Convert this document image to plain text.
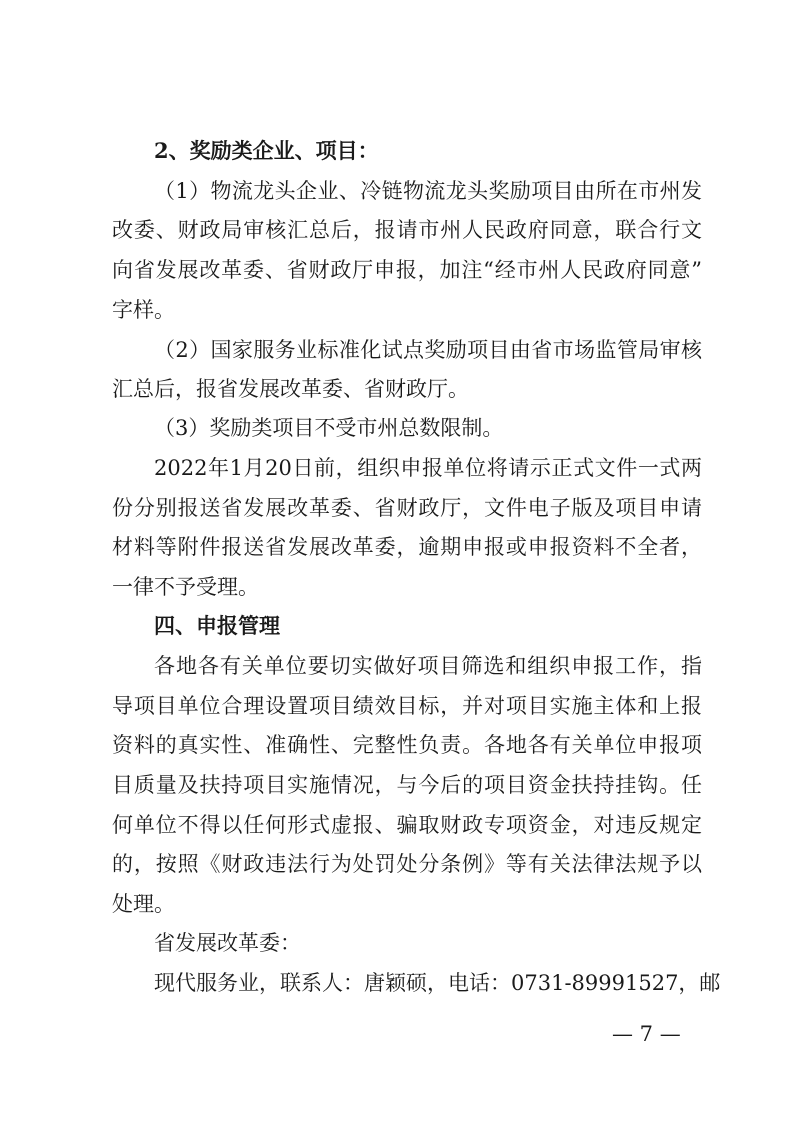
2、奖励类企业、项目：
（1）物流龙头企业、冷链物流龙头奖励项目由所在市州发
改委、财政局审核汇总后，报请市州人民政府同意，联合行文
向省发展改革委、省财政厅申报，加注“经市州人民政府同意”
字样。
（2）国家服务业标准化试点奖励项目由省市场监管局审核
汇总后，报省发展改革委、省财政厅。
（3）奖励类项目不受市州总数限制。
2022年1月20日前，组织申报单位将请示正式文件一式两
份分别报送省发展改革委、省财政厅，文件电子版及项目申请
材料等附件报送省发展改革委，逾期申报或申报资料不全者，
一律不予受理。
四、申报管理
各地各有关单位要切实做好项目筛选和组织申报工作，指
导项目单位合理设置项目绩效目标，并对项目实施主体和上报
资料的真实性、准确性、完整性负责。各地各有关单位申报项
目质量及扶持项目实施情况，与今后的项目资金扶持挂钩。任
何单位不得以任何形式虚报、骗取财政专项资金，对违反规定
的，按照《财政违法行为处罚处分条例》等有关法律法规予以
处理。
省发展改革委：
现代服务业，联系人：唐颖硕，电话：0731-89991527，邮
— 7 —
